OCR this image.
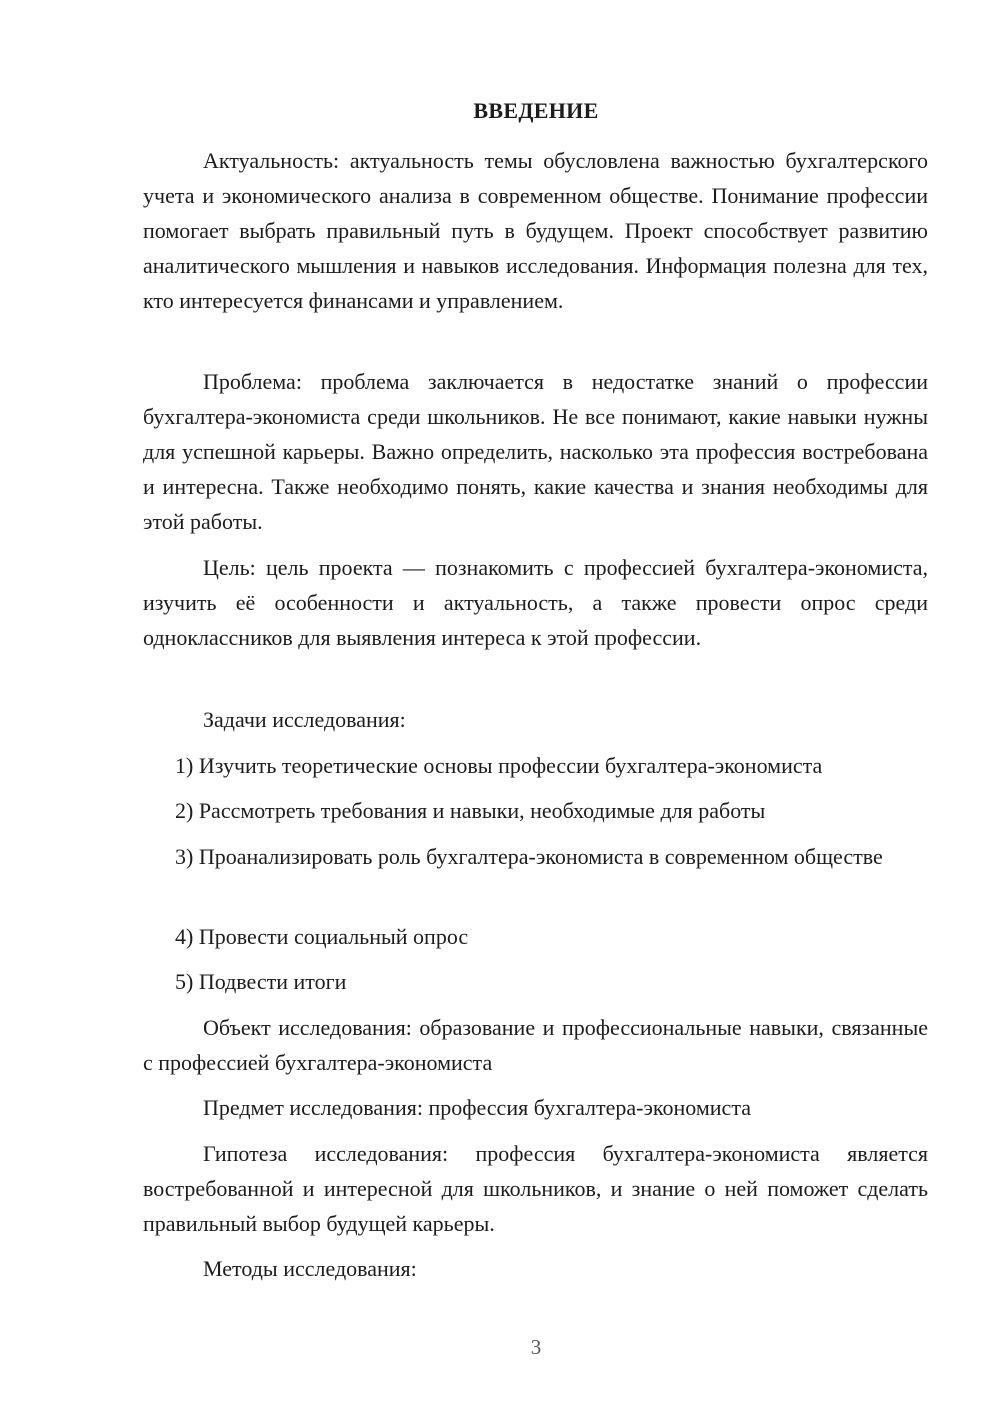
ВВЕДЕНИЕ

Актуальность: актуальность темы обусловлена важностью бухгалтерского учета и экономического анализа в современном обществе. Понимание профессии помогает выбрать правильный путь в будущем. Проект способствует развитию аналитического мышления и навыков исследования. Информация полезна для тех, кто интересуется финансами и управлением.

Проблема: проблема заключается в недостатке знаний о профессии бухгалтера-экономиста среди школьников. Не все понимают, какие навыки нужны для успешной карьеры. Важно определить, насколько эта профессия востребована и интересна. Также необходимо понять, какие качества и знания необходимы для этой работы.

Цель: цель проекта — познакомить с профессией бухгалтера-экономиста, изучить её особенности и актуальность, а также провести опрос среди одноклассников для выявления интереса к этой профессии.

Задачи исследования:

1) Изучить теоретические основы профессии бухгалтера-экономиста

2) Рассмотреть требования и навыки, необходимые для работы

3) Проанализировать роль бухгалтера-экономиста в современном обществе

4) Провести социальный опрос

5) Подвести итоги

Объект исследования: образование и профессиональные навыки, связанные с профессией бухгалтера-экономиста

Предмет исследования: профессия бухгалтера-экономиста

Гипотеза исследования: профессия бухгалтера-экономиста является востребованной и интересной для школьников, и знание о ней поможет сделать правильный выбор будущей карьеры.

Методы исследования:

3
